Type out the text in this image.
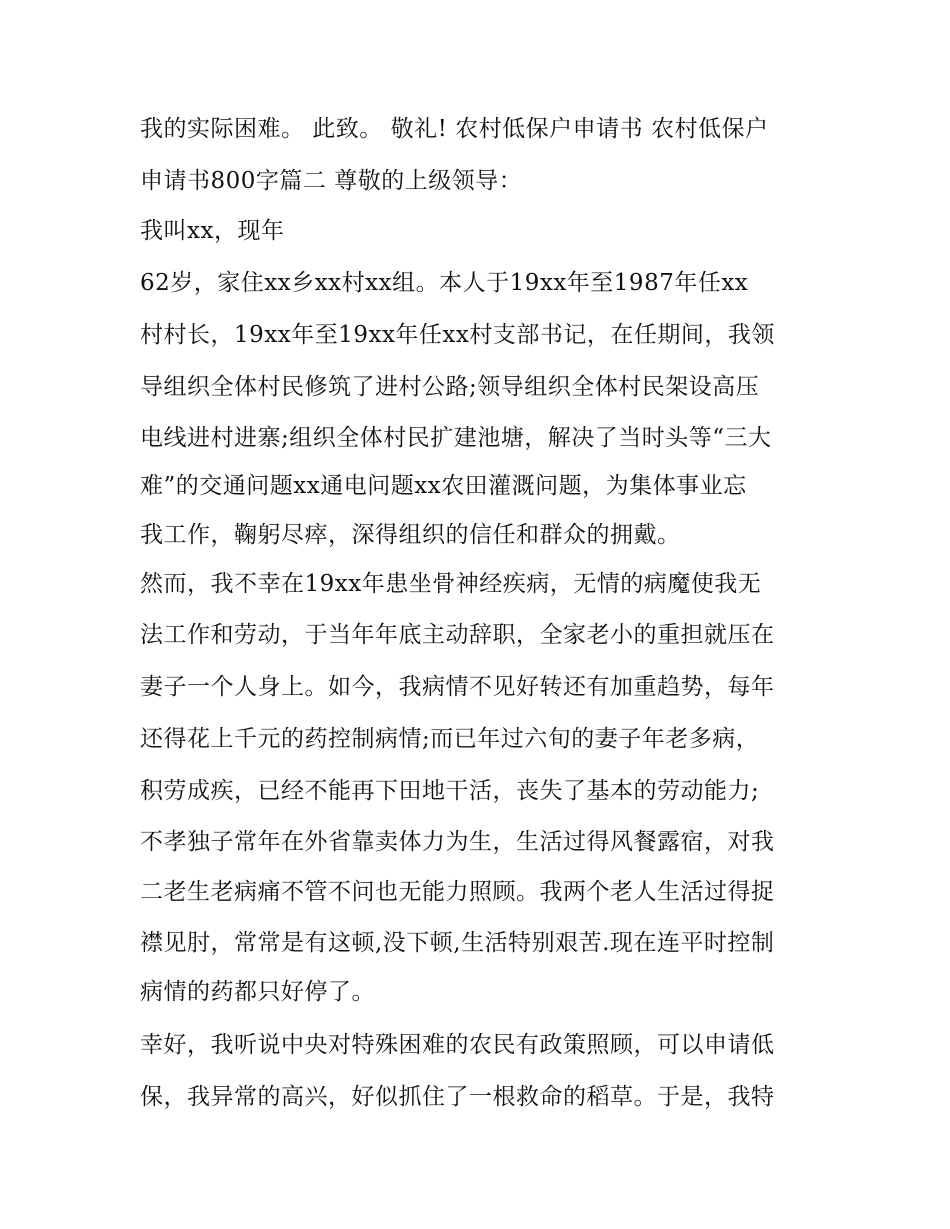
我的实际困难。 此致。 敬礼! 农村低保户申请书 农村低保户
申请书800字篇二 尊敬的上级领导：
我叫xx，现年
62岁，家住xx乡xx村xx组。本人于19xx年至1987年任xx
村村长，19xx年至19xx年任xx村支部书记，在任期间，我领
导组织全体村民修筑了进村公路;领导组织全体村民架设高压
电线进村进寨;组织全体村民扩建池塘，解决了当时头等“三大
难”的交通问题xx通电问题xx农田灌溉问题，为集体事业忘
我工作，鞠躬尽瘁，深得组织的信任和群众的拥戴。
然而，我不幸在19xx年患坐骨神经疾病，无情的病魔使我无
法工作和劳动，于当年年底主动辞职，全家老小的重担就压在
妻子一个人身上。如今，我病情不见好转还有加重趋势，每年
还得花上千元的药控制病情;而已年过六旬的妻子年老多病，
积劳成疾，已经不能再下田地干活，丧失了基本的劳动能力;
不孝独子常年在外省靠卖体力为生，生活过得风餐露宿，对我
二老生老病痛不管不问也无能力照顾。我两个老人生活过得捉
襟见肘，常常是有这顿,没下顿,生活特别艰苦.现在连平时控制
病情的药都只好停了。
幸好，我听说中央对特殊困难的农民有政策照顾，可以申请低
保，我异常的高兴，好似抓住了一根救命的稻草。于是，我特
